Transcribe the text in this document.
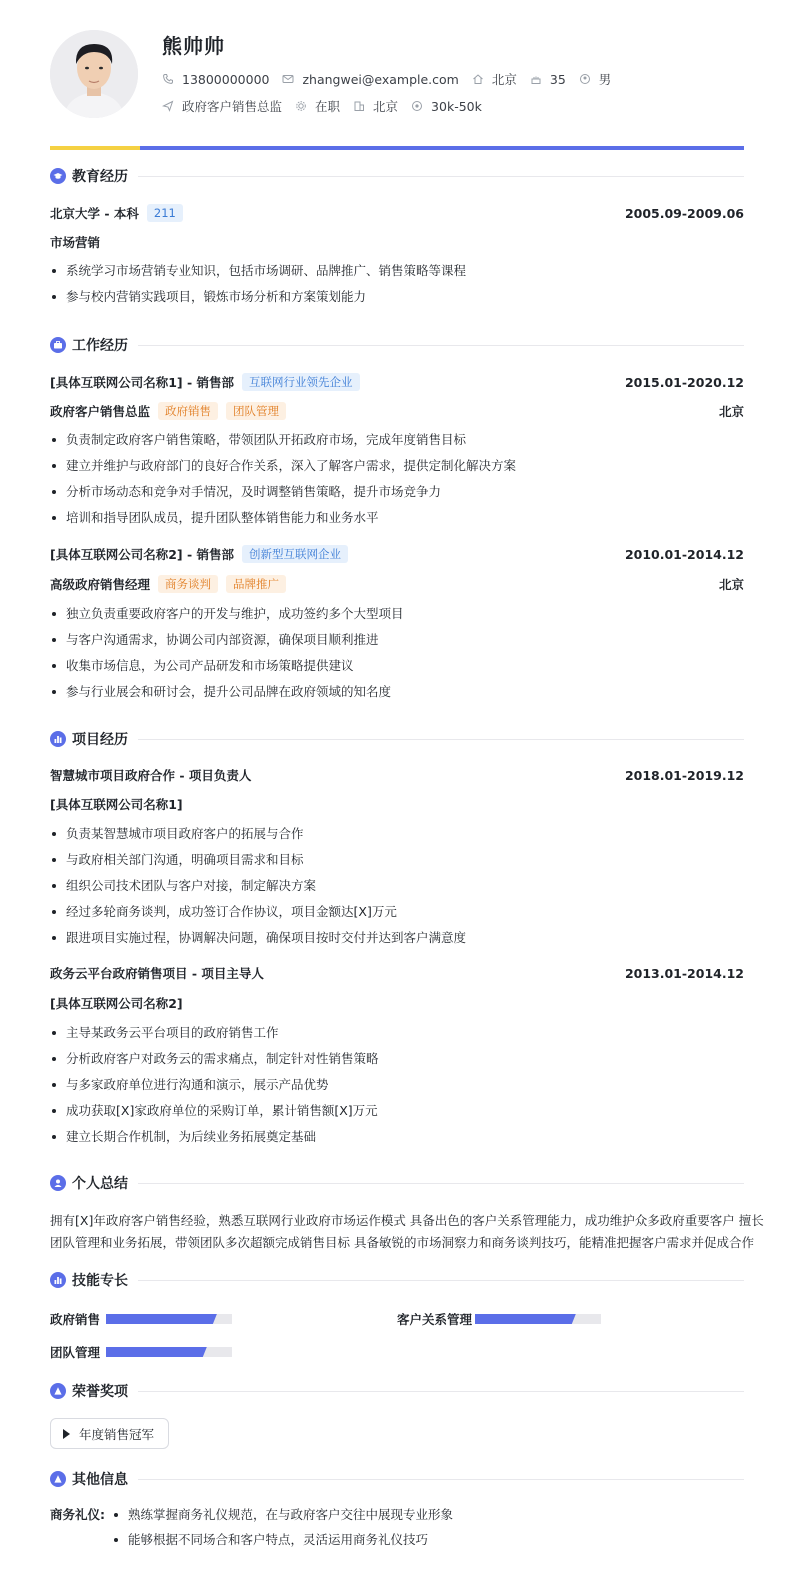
熊帅帅
13800000000	zhangwei@example.com	北京	35	男
政府客户销售总监	在职	北京	30k-50k
教育经历
北京大学 - 本科	211	2005.09-2009.06
市场营销
系统学习市场营销专业知识，包括市场调研、品牌推广、销售策略等课程
参与校内营销实践项目，锻炼市场分析和方案策划能力
工作经历
[具体互联网公司名称1] - 销售部	互联网行业领先企业	2015.01-2020.12
政府客户销售总监	政府销售	团队管理	北京
负责制定政府客户销售策略，带领团队开拓政府市场，完成年度销售目标
建立并维护与政府部门的良好合作关系，深入了解客户需求，提供定制化解决方案
分析市场动态和竞争对手情况，及时调整销售策略，提升市场竞争力
培训和指导团队成员，提升团队整体销售能力和业务水平
[具体互联网公司名称2] - 销售部	创新型互联网企业	2010.01-2014.12
高级政府销售经理	商务谈判	品牌推广	北京
独立负责重要政府客户的开发与维护，成功签约多个大型项目
与客户沟通需求，协调公司内部资源，确保项目顺利推进
收集市场信息，为公司产品研发和市场策略提供建议
参与行业展会和研讨会，提升公司品牌在政府领域的知名度
项目经历
智慧城市项目政府合作 - 项目负责人	2018.01-2019.12
[具体互联网公司名称1]
负责某智慧城市项目政府客户的拓展与合作
与政府相关部门沟通，明确项目需求和目标
组织公司技术团队与客户对接，制定解决方案
经过多轮商务谈判，成功签订合作协议，项目金额达[X]万元
跟进项目实施过程，协调解决问题，确保项目按时交付并达到客户满意度
政务云平台政府销售项目 - 项目主导人	2013.01-2014.12
[具体互联网公司名称2]
主导某政务云平台项目的政府销售工作
分析政府客户对政务云的需求痛点，制定针对性销售策略
与多家政府单位进行沟通和演示，展示产品优势
成功获取[X]家政府单位的采购订单，累计销售额[X]万元
建立长期合作机制，为后续业务拓展奠定基础
个人总结
拥有[X]年政府客户销售经验，熟悉互联网行业政府市场运作模式 具备出色的客户关系管理能力，成功维护众多政府重要客户 擅长
团队管理和业务拓展，带领团队多次超额完成销售目标 具备敏锐的市场洞察力和商务谈判技巧，能精准把握客户需求并促成合作
技能专长
政府销售	客户关系管理
团队管理
荣誉奖项
年度销售冠军
其他信息
商务礼仪:	熟练掌握商务礼仪规范，在与政府客户交往中展现专业形象
能够根据不同场合和客户特点，灵活运用商务礼仪技巧
